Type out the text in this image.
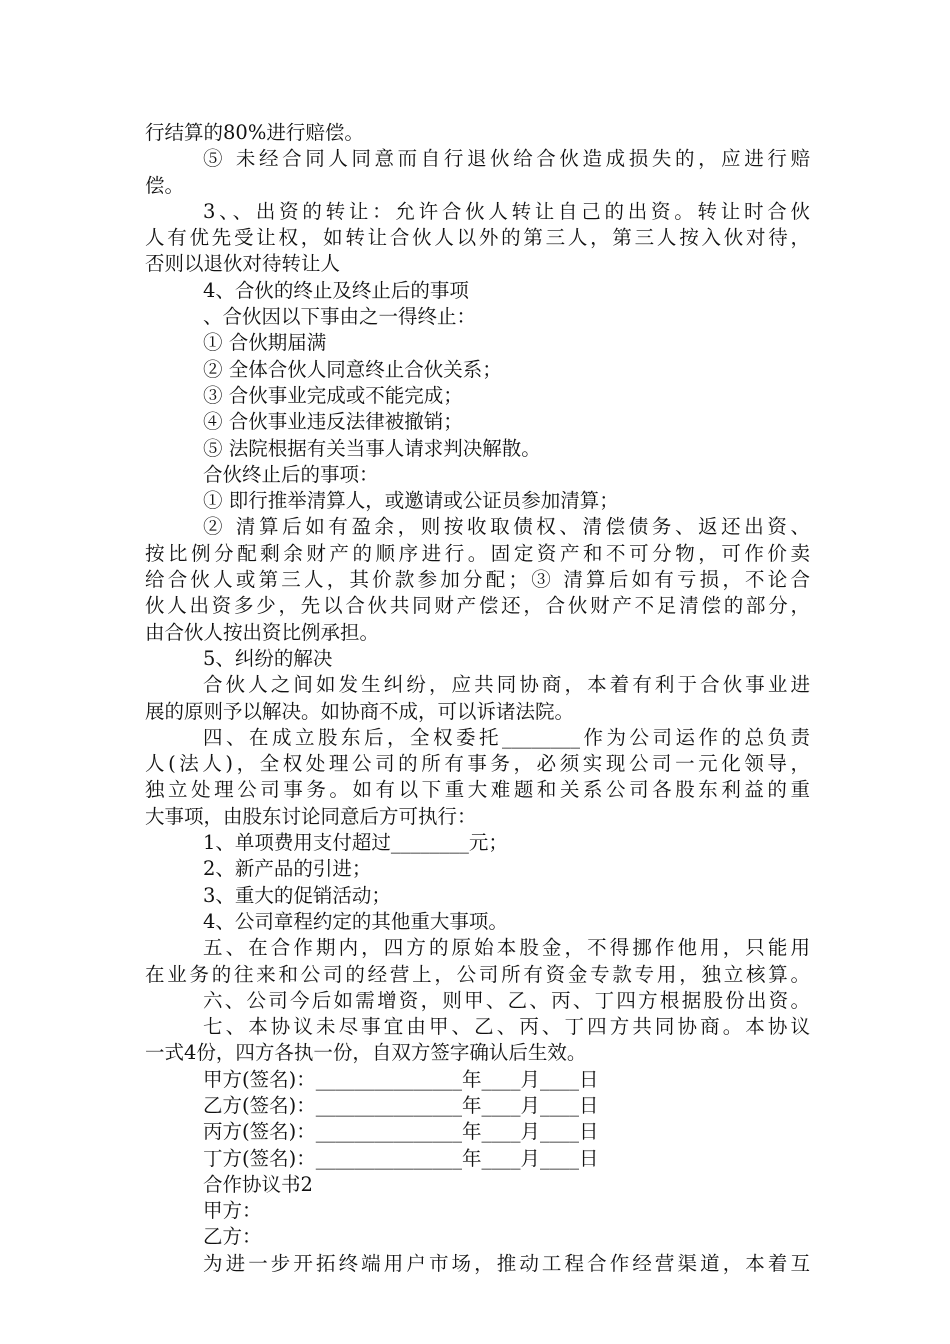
行结算的80%进行赔偿。
⑤ 未经合同人同意而自行退伙给合伙造成损失的，应进行赔
偿。
3、、出资的转让：允许合伙人转让自己的出资。转让时合伙
人有优先受让权，如转让合伙人以外的第三人，第三人按入伙对待，
否则以退伙对待转让人
4、合伙的终止及终止后的事项
、合伙因以下事由之一得终止：
① 合伙期届满
② 全体合伙人同意终止合伙关系；
③ 合伙事业完成或不能完成；
④ 合伙事业违反法律被撤销；
⑤ 法院根据有关当事人请求判决解散。
合伙终止后的事项：
① 即行推举清算人，或邀请或公证员参加清算；
② 清算后如有盈余，则按收取债权、清偿债务、返还出资、
按比例分配剩余财产的顺序进行。固定资产和不可分物，可作价卖
给合伙人或第三人，其价款参加分配；③ 清算后如有亏损，不论合
伙人出资多少，先以合伙共同财产偿还，合伙财产不足清偿的部分，
由合伙人按出资比例承担。
5、纠纷的解决
合伙人之间如发生纠纷，应共同协商，本着有利于合伙事业进
展的原则予以解决。如协商不成，可以诉诸法院。
四、在成立股东后，全权委托________作为公司运作的总负责
人(法人)，全权处理公司的所有事务，必须实现公司一元化领导，
独立处理公司事务。如有以下重大难题和关系公司各股东利益的重
大事项，由股东讨论同意后方可执行：
1、单项费用支付超过________元；
2、新产品的引进；
3、重大的促销活动；
4、公司章程约定的其他重大事项。
五、在合作期内，四方的原始本股金，不得挪作他用，只能用
在业务的往来和公司的经营上，公司所有资金专款专用，独立核算。
六、公司今后如需增资，则甲、乙、丙、丁四方根据股份出资。
七、本协议未尽事宜由甲、乙、丙、丁四方共同协商。本协议
一式4份，四方各执一份，自双方签字确认后生效。
甲方(签名)：_______________年____月____日
乙方(签名)：_______________年____月____日
丙方(签名)：_______________年____月____日
丁方(签名)：_______________年____月____日
合作协议书2
甲方：
乙方：
为进一步开拓终端用户市场，推动工程合作经营渠道，本着互
